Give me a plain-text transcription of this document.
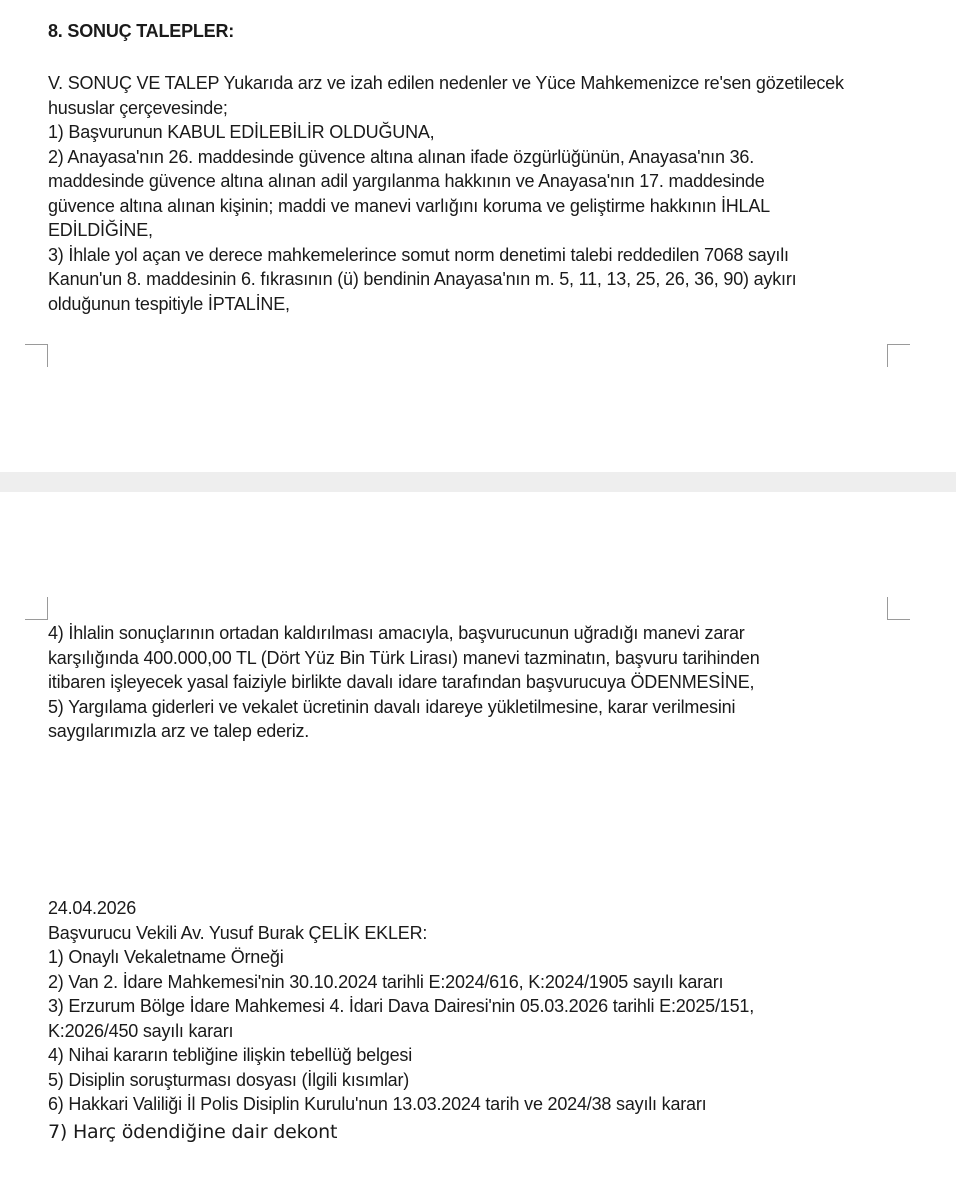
8. SONUÇ TALEPLER:

V. SONUÇ VE TALEP Yukarıda arz ve izah edilen nedenler ve Yüce Mahkemenizce re'sen gözetilecek

hususlar çerçevesinde;

1) Başvurunun KABUL EDİLEBİLİR OLDUĞUNA,

2) Anayasa'nın 26. maddesinde güvence altına alınan ifade özgürlüğünün, Anayasa'nın 36.

maddesinde güvence altına alınan adil yargılanma hakkının ve Anayasa'nın 17. maddesinde

güvence altına alınan kişinin; maddi ve manevi varlığını koruma ve geliştirme hakkının İHLAL

EDİLDİĞİNE,

3) İhlale yol açan ve derece mahkemelerince somut norm denetimi talebi reddedilen 7068 sayılı

Kanun'un 8. maddesinin 6. fıkrasının (ü) bendinin Anayasa'nın m. 5, 11, 13, 25, 26, 36, 90) aykırı

olduğunun tespitiyle İPTALİNE,

4) İhlalin sonuçlarının ortadan kaldırılması amacıyla, başvurucunun uğradığı manevi zarar

karşılığında 400.000,00 TL (Dört Yüz Bin Türk Lirası) manevi tazminatın, başvuru tarihinden

itibaren işleyecek yasal faiziyle birlikte davalı idare tarafından başvurucuya ÖDENMESİNE,

5) Yargılama giderleri ve vekalet ücretinin davalı idareye yükletilmesine, karar verilmesini

saygılarımızla arz ve talep ederiz.

24.04.2026

Başvurucu Vekili Av. Yusuf Burak ÇELİK EKLER:

1) Onaylı Vekaletname Örneği

2) Van 2. İdare Mahkemesi'nin 30.10.2024 tarihli E:2024/616, K:2024/1905 sayılı kararı

3) Erzurum Bölge İdare Mahkemesi 4. İdari Dava Dairesi'nin 05.03.2026 tarihli E:2025/151,

K:2026/450 sayılı kararı

4) Nihai kararın tebliğine ilişkin tebellüğ belgesi

5) Disiplin soruşturması dosyası (İlgili kısımlar)

6) Hakkari Valiliği İl Polis Disiplin Kurulu'nun 13.03.2024 tarih ve 2024/38 sayılı kararı

7) Harç ödendiğine dair dekont
